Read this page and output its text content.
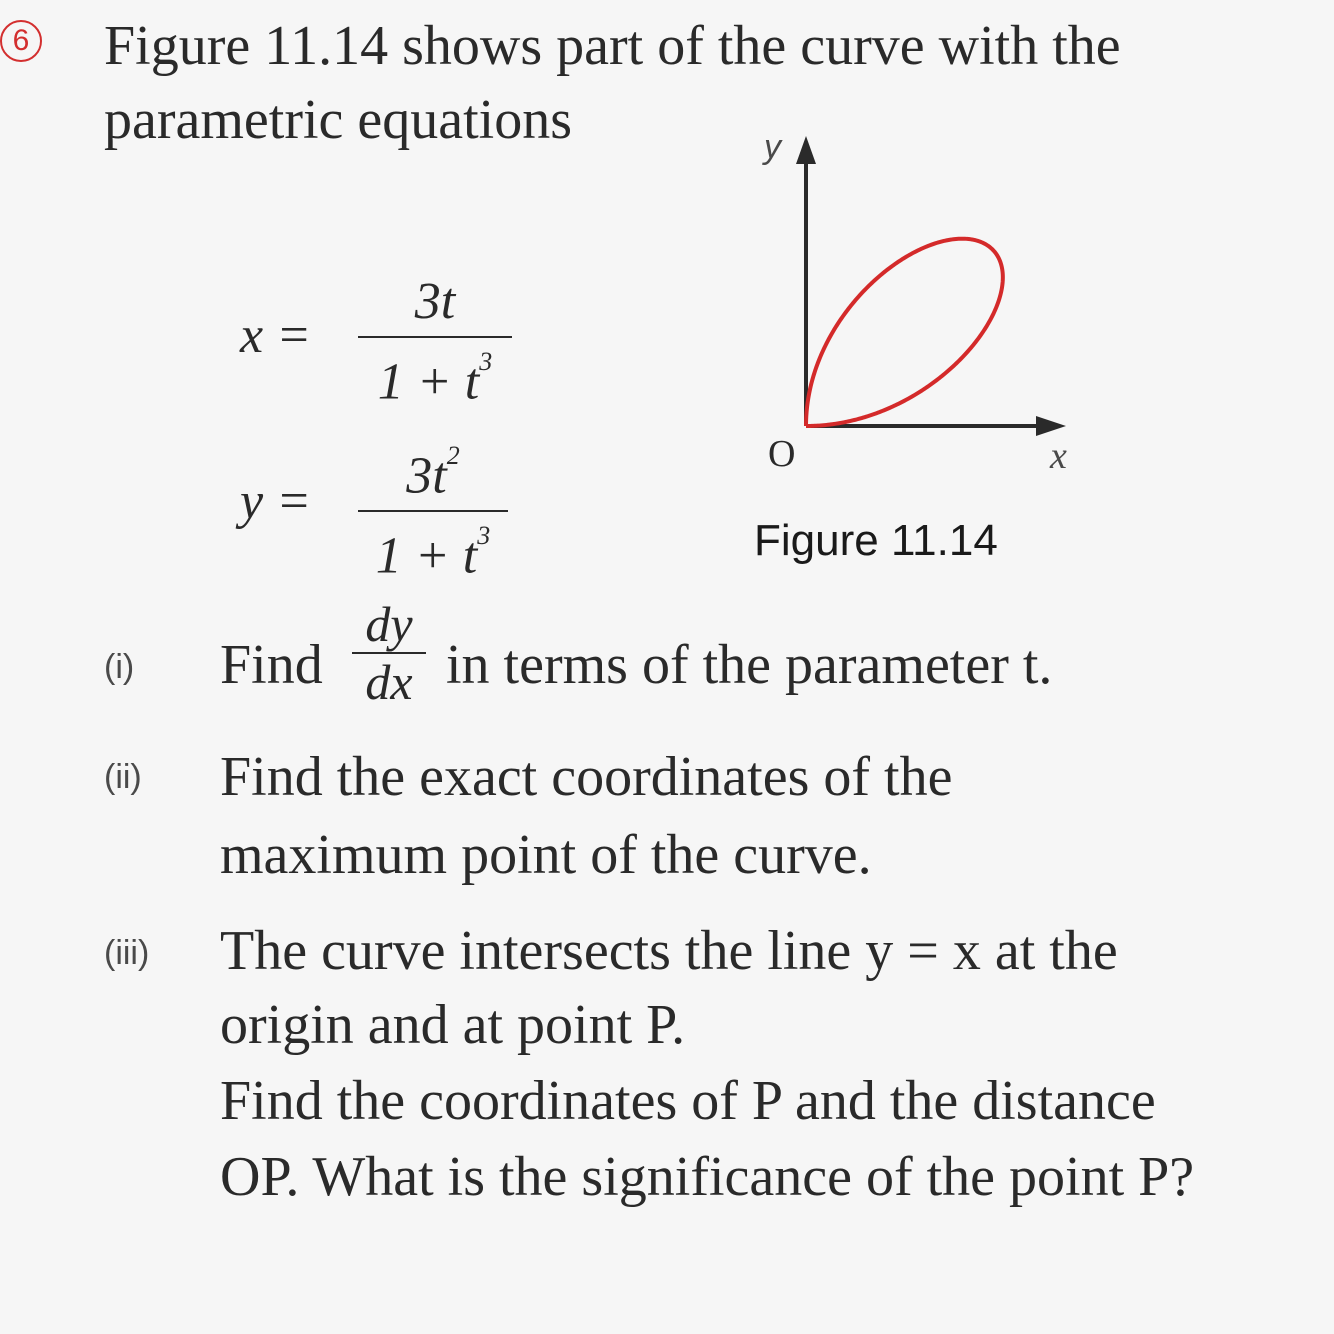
6 Figure 11.14 shows part of the curve with the
parametric equations
x =
3t
$1 + t^3$
$y = 3t^2$
$1 + t^3$
y
x
O
Figure 11.14
(i) Find
dy
dx in terms of the parameter t.
(ii) Find the exact coordinates of the
maximum point of the curve.
(iii) The curve intersects the line y = x at the
origin and at point P.
Find the coordinates of P and the distance
OP. What is the significance of the point P?
